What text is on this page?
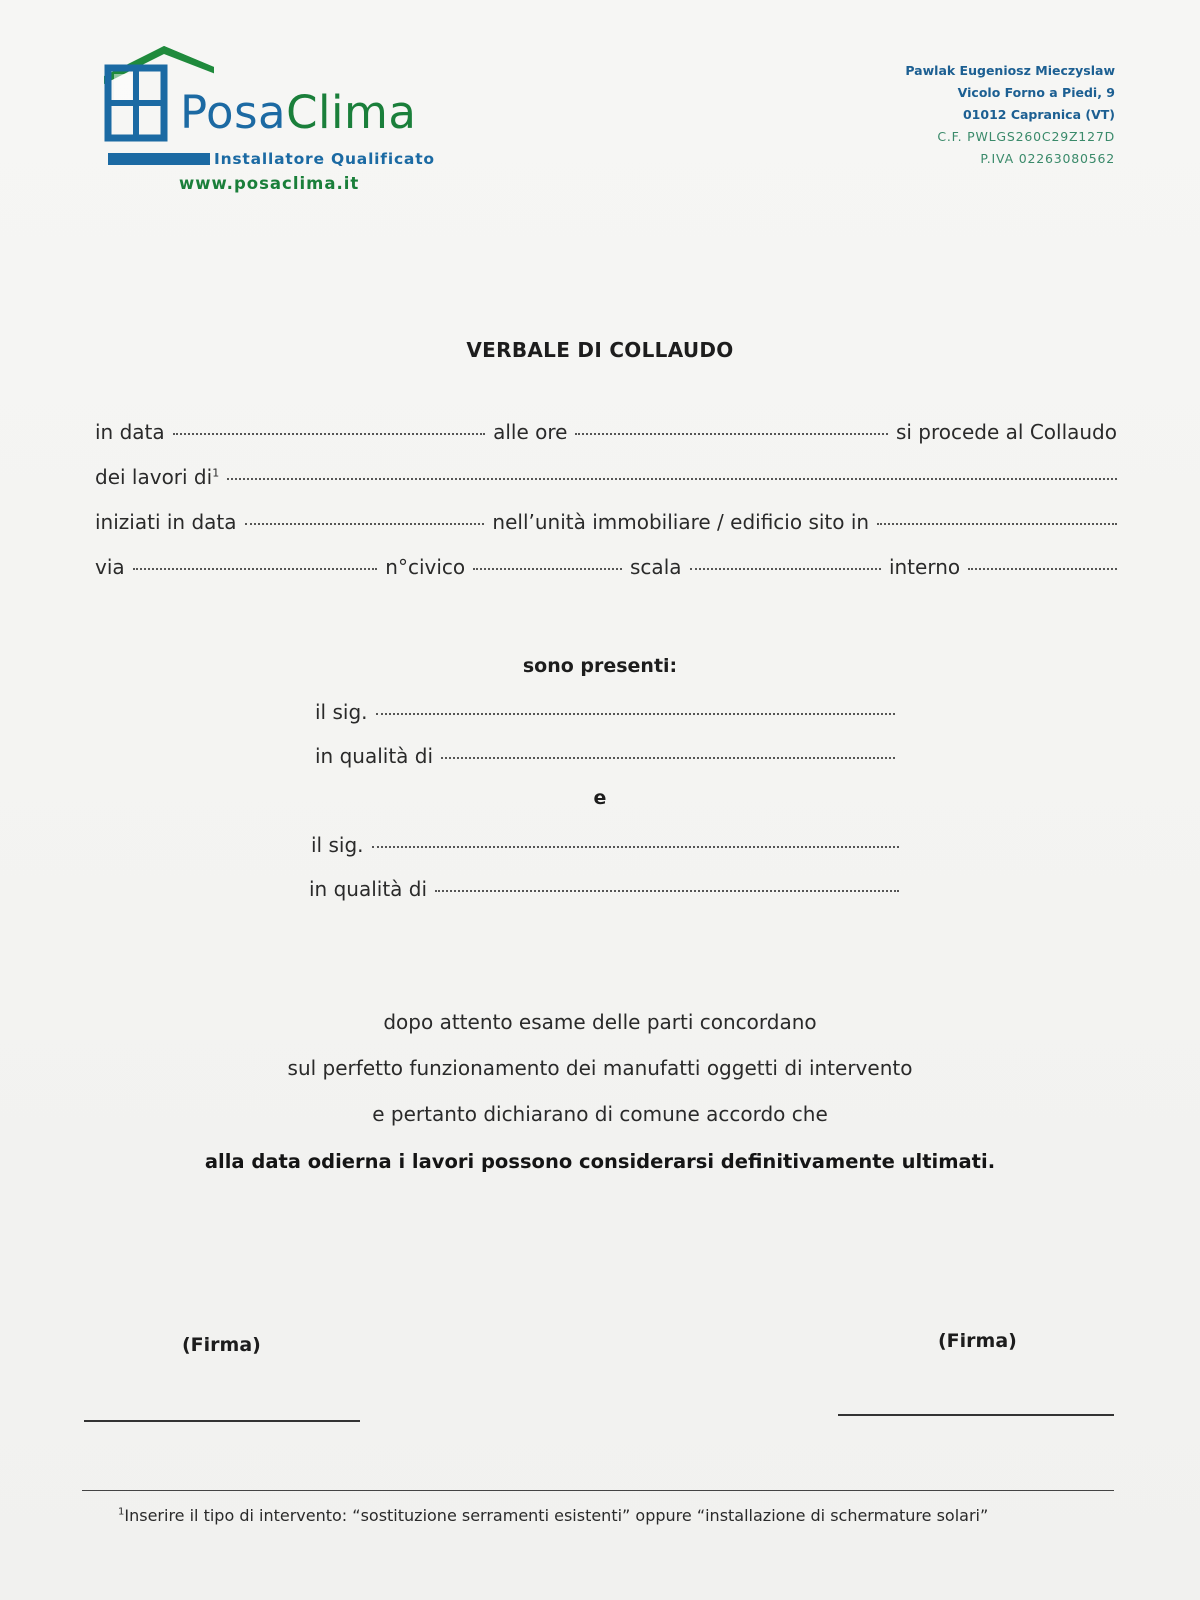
PosaClima
Installatore Qualificato
www.posaclima.it
Pawlak Eugeniosz Mieczyslaw
Vicolo Forno a Piedi, 9
01012 Capranica (VT)
C.F. PWLGS260C29Z127D
P.IVA 02263080562
VERBALE DI COLLAUDO
in data	alle ore	si procede al Collaudo
dei lavori $di^1$
iniziati in data	nell’unità immobiliare / edificio sito in
via	n°civico	scala	interno
sono presenti:
il sig.
in qualità di
e
il sig.
in qualità di
dopo attento esame delle parti concordano
sul perfetto funzionamento dei manufatti oggetti di intervento
e pertanto dichiarano di comune accordo che
alla data odierna i lavori possono considerarsi definitivamente ultimati.
(Firma)	(Firma)
$^1$Inserire il tipo di intervento: “sostituzione serramenti esistenti” oppure “installazione di schermature solari”
